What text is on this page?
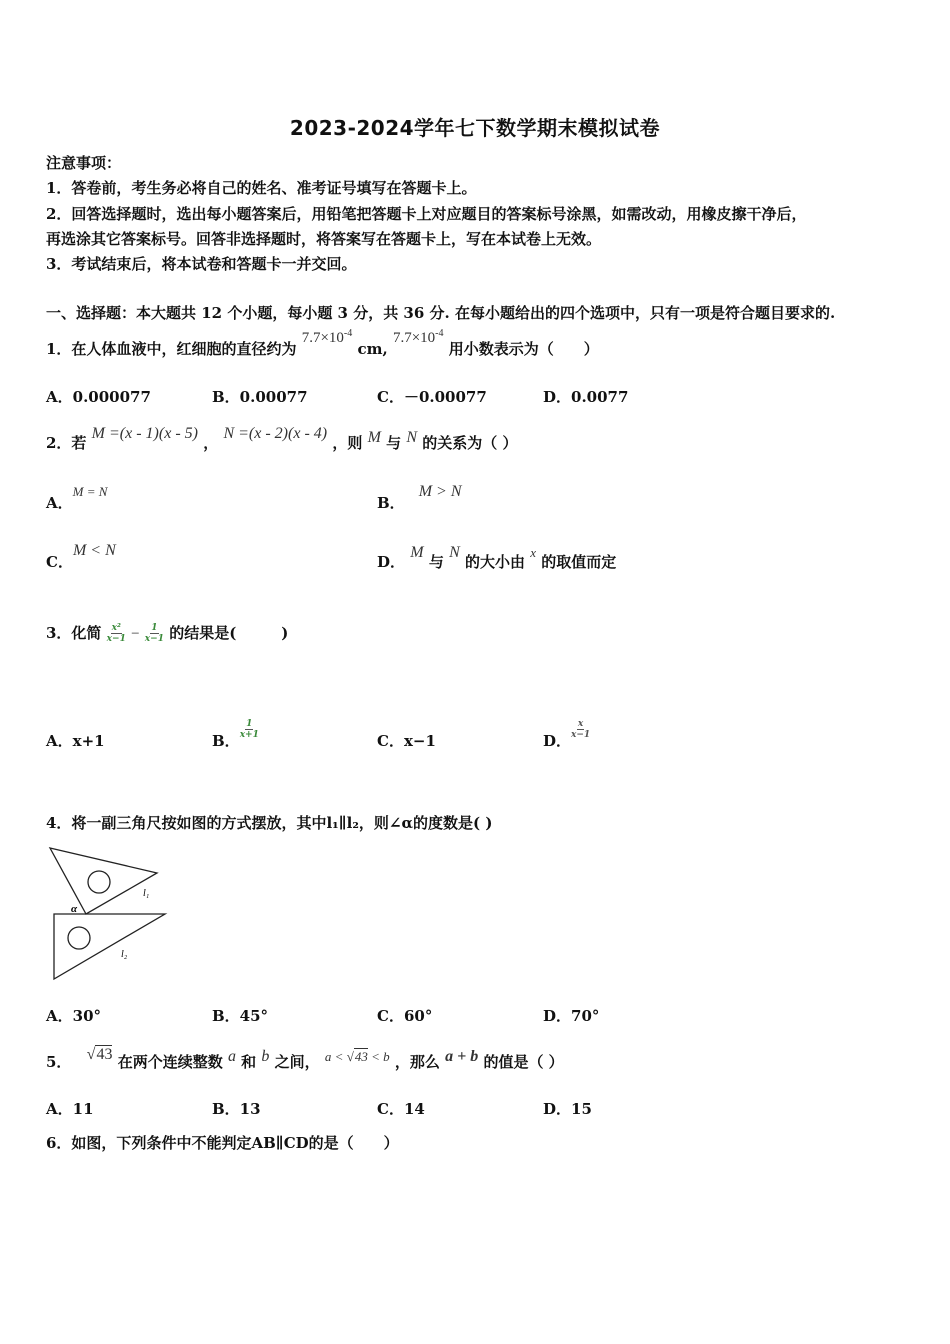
2023-2024学年七下数学期末模拟试卷
注意事项：
1．答卷前，考生务必将自己的姓名、准考证号填写在答题卡上。
2．回答选择题时，选出每小题答案后，用铅笔把答题卡上对应题目的答案标号涂黑，如需改动，用橡皮擦干净后，
再选涂其它答案标号。回答非选择题时，将答案写在答题卡上，写在本试卷上无效。
3．考试结束后，将本试卷和答题卡一并交回。
一、选择题：本大题共 12 个小题，每小题 3 分，共 36 分. 在每小题给出的四个选项中，只有一项是符合题目要求的.
1．在人体血液中，红细胞的直径约为 $7.7\times 10^{-4}$ cm, $7.7\times 10^{-4}$ 用小数表示为（　　）
A．0.000077	B．0.00077	C．－0.00077	D．0.0077
2．若 M =(x - 1)(x - 5) ， N =(x - 2)(x - 4) ，则 M 与 N 的关系为（ ）
A．M = N
B．M > N
C．M < N
D． M 与 N 的大小由 x 的取值而定
3．化简 $\frac{\text{x²}}{x-1} - \frac{1}{x-1}$ 的结果是(　　　)
A．x+1	B．
$\frac{1}{x+1}$
C．x−1	D．
$\frac{x}{x-1}$
4．将一副三角尺按如图的方式摆放，其中l₁∥l₂，则∠α的度数是( )
α
l₁
l₂
A．30°	B．45°	C．60°	D．70°
5． √43 在两个连续整数 a 和 b 之间， a < √43 < b ，那么 a + b 的值是（ ）
A．11	B．13	C．14	D．15
6．如图，下列条件中不能判定AB∥CD的是（　　）
